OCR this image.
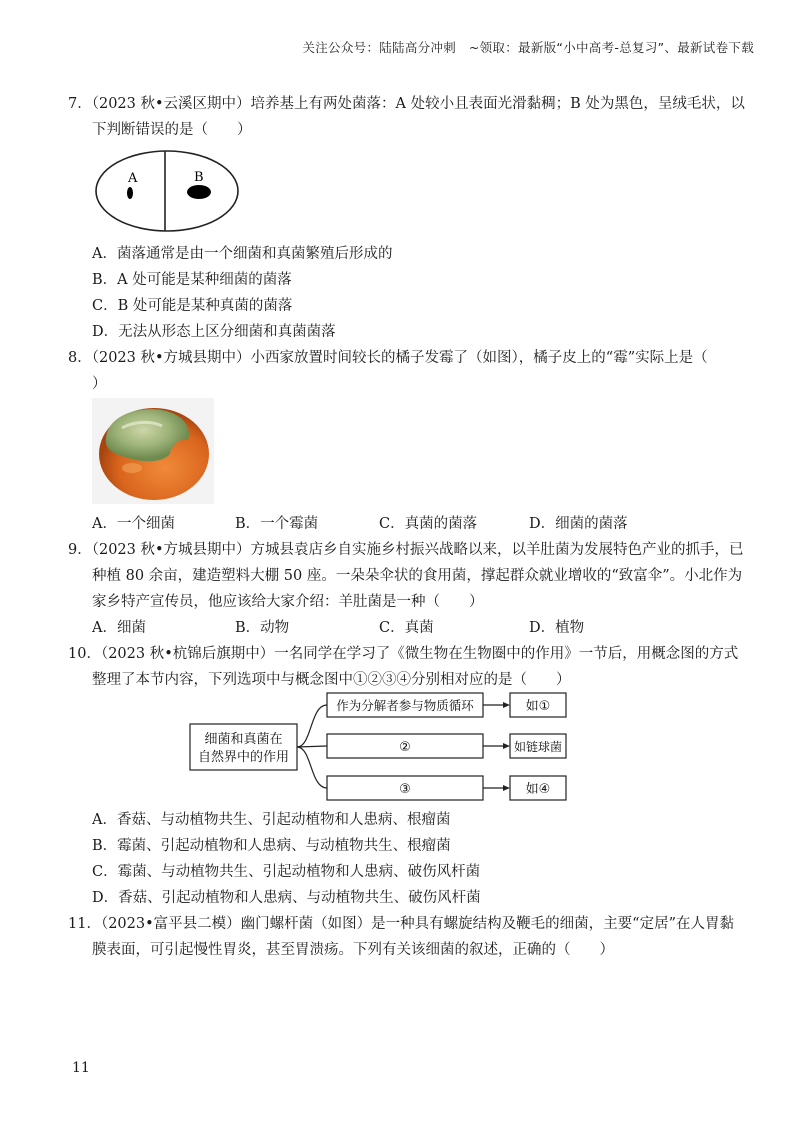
关注公众号：陆陆高分冲刺　~领取：最新版“小中高考-总复习”、最新试卷下载
7．（2023 秋•云溪区期中）培养基上有两处菌落：A 处较小且表面光滑黏稠；B 处为黑色，呈绒毛状，以
下判断错误的是（　　）
A	B
A．菌落通常是由一个细菌和真菌繁殖后形成的
B．A 处可能是某种细菌的菌落
C．B 处可能是某种真菌的菌落
D．无法从形态上区分细菌和真菌菌落
8．（2023 秋•方城县期中）小西家放置时间较长的橘子发霉了（如图），橘子皮上的“霉”实际上是（
）
A．一个细菌	B．一个霉菌	C．真菌的菌落	D．细菌的菌落
9．（2023 秋•方城县期中）方城县袁店乡自实施乡村振兴战略以来，以羊肚菌为发展特色产业的抓手，已
种植 80 余亩，建造塑料大棚 50 座。一朵朵伞状的食用菌，撑起群众就业增收的“致富伞”。小北作为
家乡特产宣传员，他应该给大家介绍：羊肚菌是一种（　　）
A．细菌	B．动物	C．真菌	D．植物
10．（2023 秋•杭锦后旗期中）一名同学在学习了《微生物在生物圈中的作用》一节后，用概念图的方式
整理了本节内容，下列选项中与概念图中①②③④分别相对应的是（　　）
细菌和真菌在
自然界中的作用
作为分解者参与物质循环
②
③
如①
如链球菌
如④
A．香菇、与动植物共生、引起动植物和人患病、根瘤菌
B．霉菌、引起动植物和人患病、与动植物共生、根瘤菌
C．霉菌、与动植物共生、引起动植物和人患病、破伤风杆菌
D．香菇、引起动植物和人患病、与动植物共生、破伤风杆菌
11．（2023•富平县二模）幽门螺杆菌（如图）是一种具有螺旋结构及鞭毛的细菌，主要“定居”在人胃黏
膜表面，可引起慢性胃炎，甚至胃溃疡。下列有关该细菌的叙述，正确的（　　）
11
